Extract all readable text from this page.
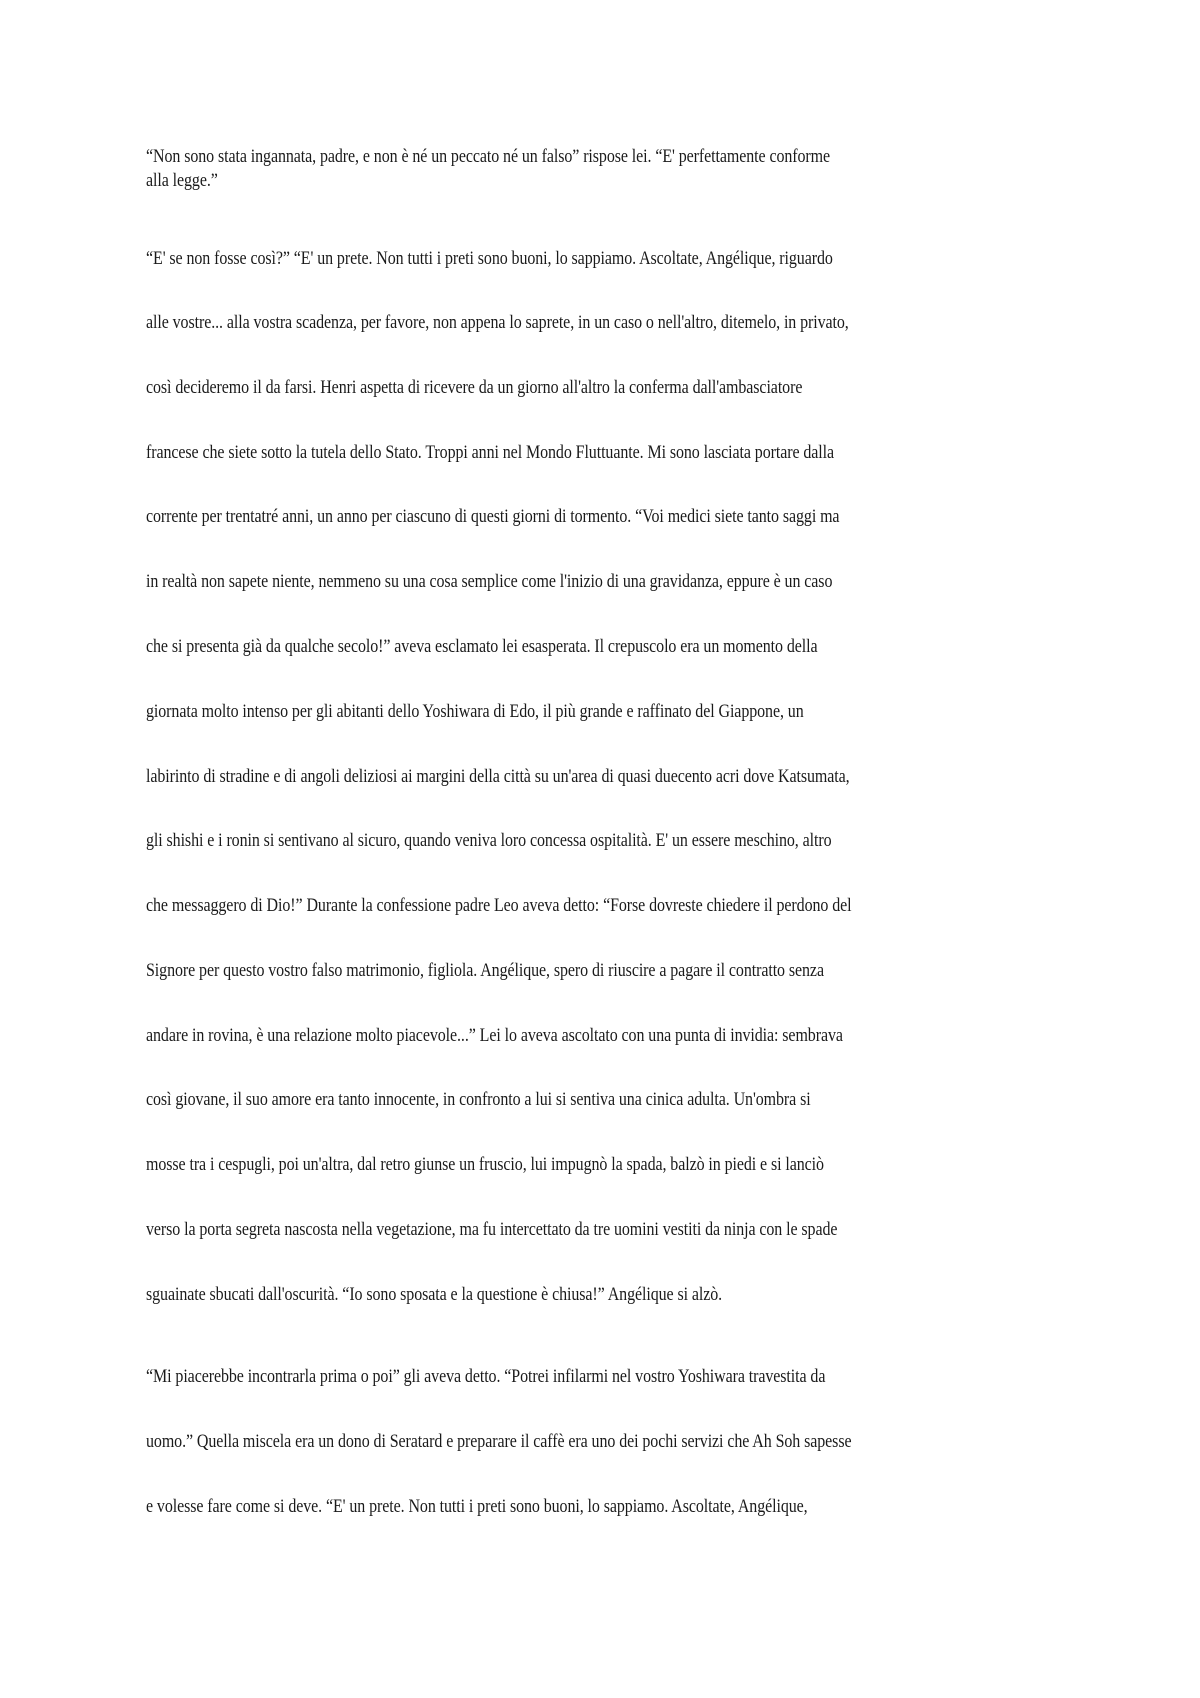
“Non sono stata ingannata, padre, e non è né un peccato né un falso” rispose lei. “E' perfettamente conforme
alla legge.”
“E' se non fosse così?” “E' un prete. Non tutti i preti sono buoni, lo sappiamo. Ascoltate, Angélique, riguardo
alle vostre... alla vostra scadenza, per favore, non appena lo saprete, in un caso o nell'altro, ditemelo, in privato,
così decideremo il da farsi. Henri aspetta di ricevere da un giorno all'altro la conferma dall'ambasciatore
francese che siete sotto la tutela dello Stato. Troppi anni nel Mondo Fluttuante. Mi sono lasciata portare dalla
corrente per trentatré anni, un anno per ciascuno di questi giorni di tormento. “Voi medici siete tanto saggi ma
in realtà non sapete niente, nemmeno su una cosa semplice come l'inizio di una gravidanza, eppure è un caso
che si presenta già da qualche secolo!” aveva esclamato lei esasperata. Il crepuscolo era un momento della
giornata molto intenso per gli abitanti dello Yoshiwara di Edo, il più grande e raffinato del Giappone, un
labirinto di stradine e di angoli deliziosi ai margini della città su un'area di quasi duecento acri dove Katsumata,
gli shishi e i ronin si sentivano al sicuro, quando veniva loro concessa ospitalità. E' un essere meschino, altro
che messaggero di Dio!” Durante la confessione padre Leo aveva detto: “Forse dovreste chiedere il perdono del
Signore per questo vostro falso matrimonio, figliola. Angélique, spero di riuscire a pagare il contratto senza
andare in rovina, è una relazione molto piacevole...” Lei lo aveva ascoltato con una punta di invidia: sembrava
così giovane, il suo amore era tanto innocente, in confronto a lui si sentiva una cinica adulta. Un'ombra si
mosse tra i cespugli, poi un'altra, dal retro giunse un fruscio, lui impugnò la spada, balzò in piedi e si lanciò
verso la porta segreta nascosta nella vegetazione, ma fu intercettato da tre uomini vestiti da ninja con le spade
sguainate sbucati dall'oscurità. “Io sono sposata e la questione è chiusa!” Angélique si alzò.
“Mi piacerebbe incontrarla prima o poi” gli aveva detto. “Potrei infilarmi nel vostro Yoshiwara travestita da
uomo.” Quella miscela era un dono di Seratard e preparare il caffè era uno dei pochi servizi che Ah Soh sapesse
e volesse fare come si deve. “E' un prete. Non tutti i preti sono buoni, lo sappiamo. Ascoltate, Angélique,
